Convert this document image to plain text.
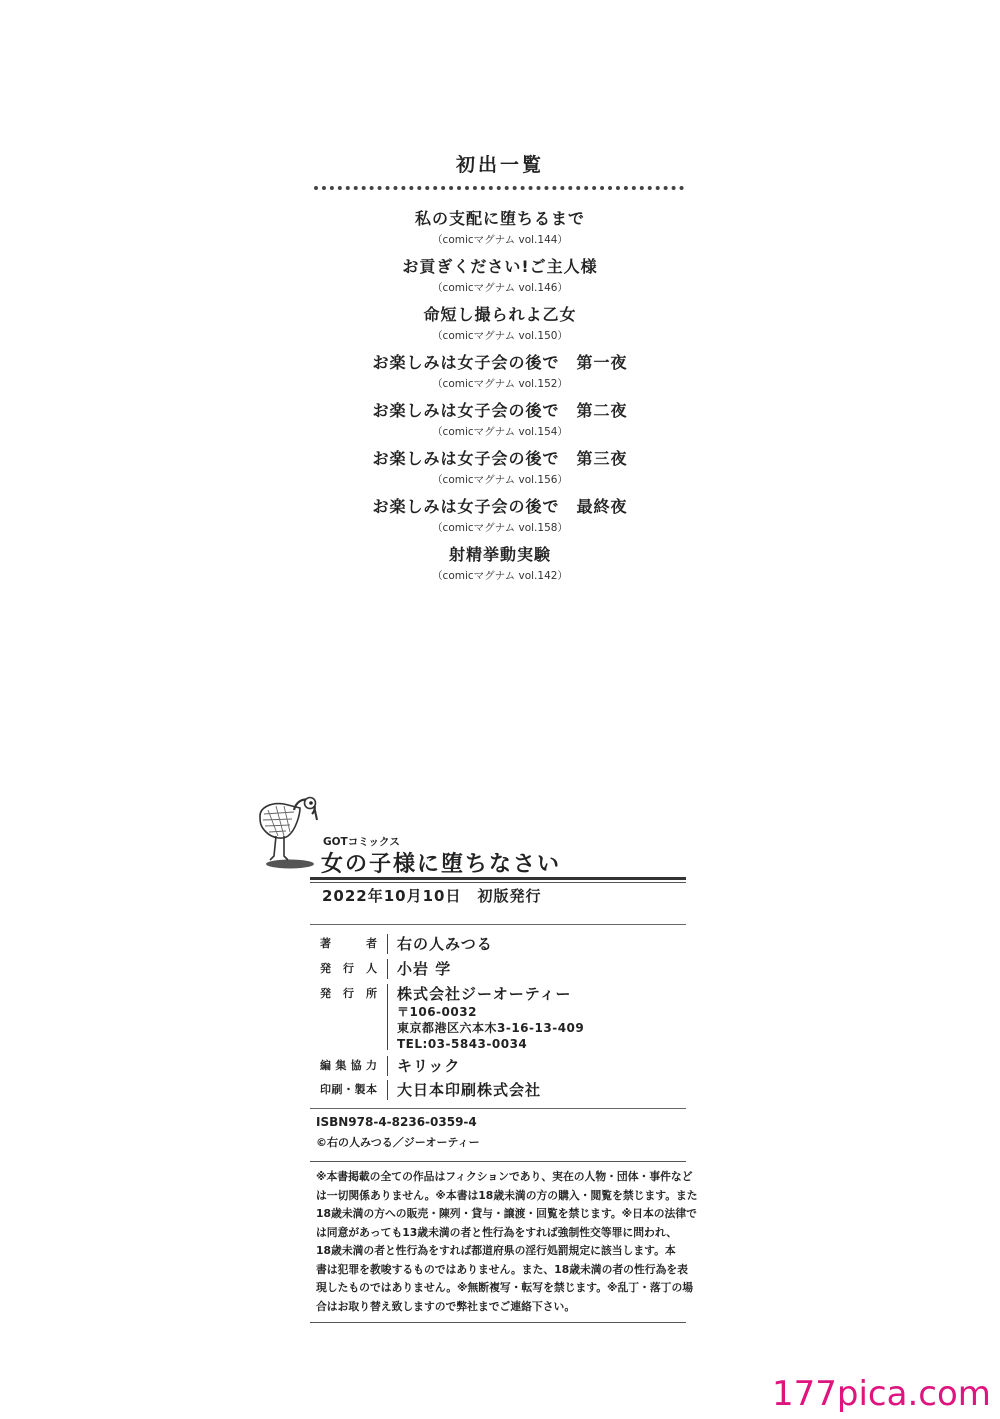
初出一覧
私の支配に堕ちるまで
（comicマグナム vol.144）
お貢ぎください!ご主人様
（comicマグナム vol.146）
命短し撮られよ乙女
（comicマグナム vol.150）
お楽しみは女子会の後で　第一夜
（comicマグナム vol.152）
お楽しみは女子会の後で　第二夜
（comicマグナム vol.154）
お楽しみは女子会の後で　第三夜
（comicマグナム vol.156）
お楽しみは女子会の後で　最終夜
（comicマグナム vol.158）
射精挙動実験
（comicマグナム vol.142）
GOTコミックス
女の子様に堕ちなさい
2022年10月10日　初版発行
著　者	右の人みつる
発行人	小岩 学
発行所	株式会社ジーオーティー
〒106-0032
東京都港区六本木3-16-13-409
TEL:03-5843-0034
編集協力	キリック
印刷・製本	大日本印刷株式会社
ISBN978-4-8236-0359-4
©右の人みつる／ジーオーティー
※本書掲載の全ての作品はフィクションであり、実在の人物・団体・事件など
は一切関係ありません。※本書は18歳未満の方の購入・閲覧を禁じます。また
18歳未満の方への販売・陳列・貸与・譲渡・回覧を禁じます。※日本の法律で
は同意があっても13歳未満の者と性行為をすれば強制性交等罪に問われ、
18歳未満の者と性行為をすれば都道府県の淫行処罰規定に該当します。本
書は犯罪を教唆するものではありません。また、18歳未満の者の性行為を表
現したものではありません。※無断複写・転写を禁じます。※乱丁・落丁の場
合はお取り替え致しますので弊社までご連絡下さい。
177pica.com
